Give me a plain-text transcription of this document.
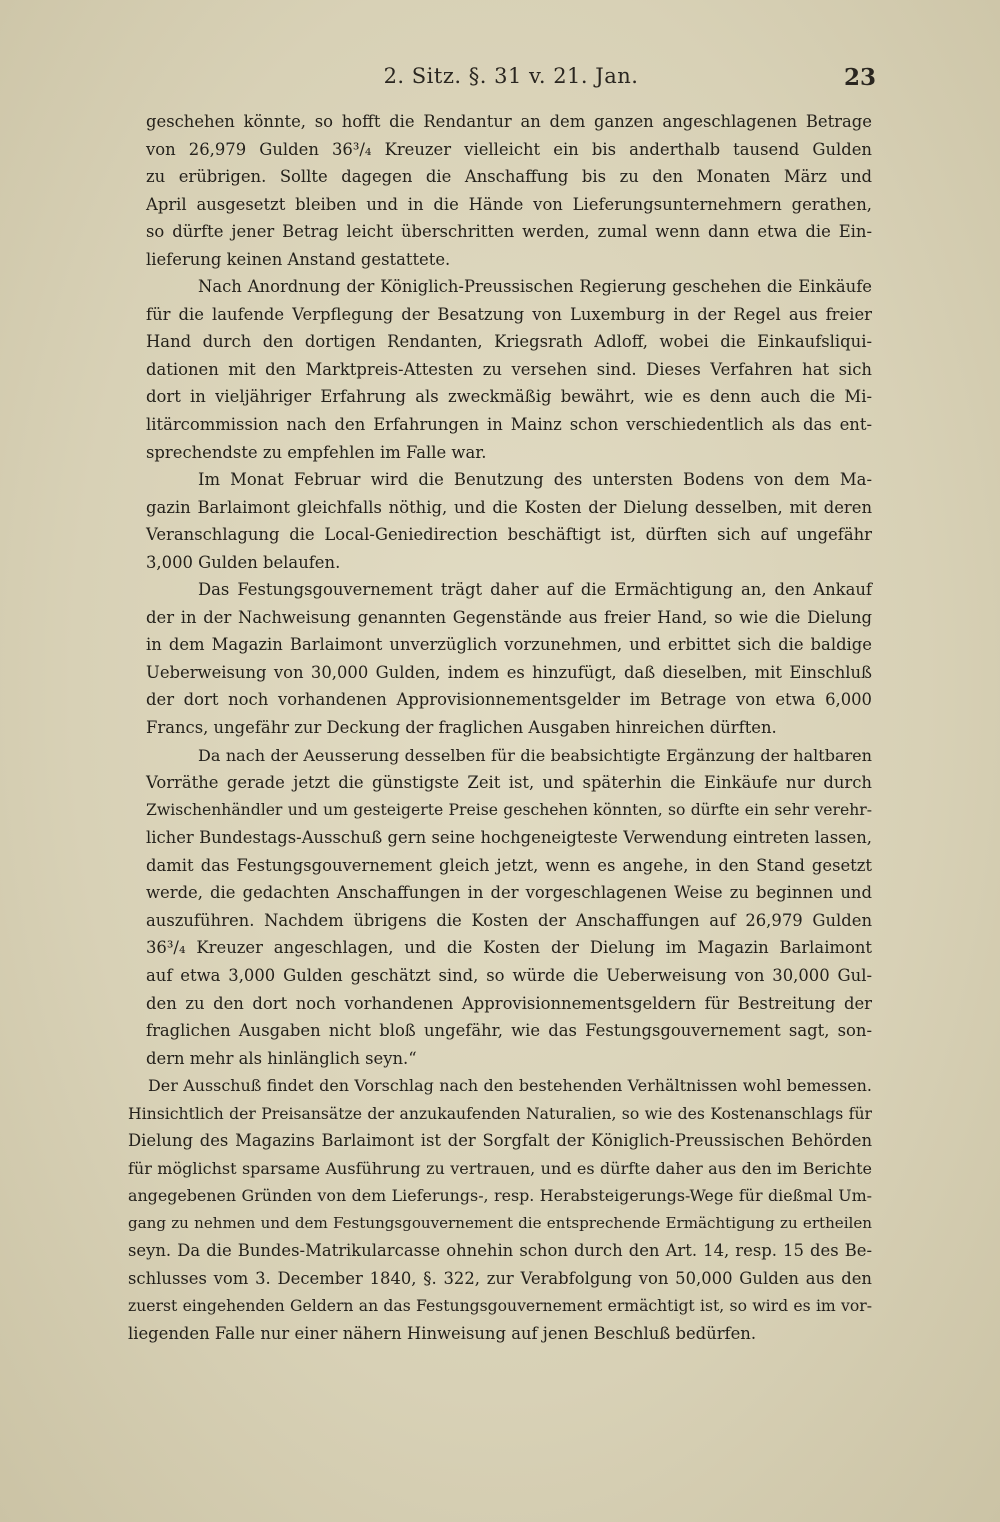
2. Sitz. §. 31 v. 21. Jan.	23
geschehen könnte, so hofft die Rendantur an dem ganzen angeschlagenen Betrage
von 26,979 Gulden 36³/₄ Kreuzer vielleicht ein bis anderthalb tausend Gulden
zu erübrigen. Sollte dagegen die Anschaffung bis zu den Monaten März und
April ausgesetzt bleiben und in die Hände von Lieferungsunternehmern gerathen,
so dürfte jener Betrag leicht überschritten werden, zumal wenn dann etwa die Ein-
lieferung keinen Anstand gestattete.
Nach Anordnung der Königlich-Preussischen Regierung geschehen die Einkäufe
für die laufende Verpflegung der Besatzung von Luxemburg in der Regel aus freier
Hand durch den dortigen Rendanten, Kriegsrath Adloff, wobei die Einkaufsliqui-
dationen mit den Marktpreis-Attesten zu versehen sind. Dieses Verfahren hat sich
dort in vieljähriger Erfahrung als zweckmäßig bewährt, wie es denn auch die Mi-
litärcommission nach den Erfahrungen in Mainz schon verschiedentlich als das ent-
sprechendste zu empfehlen im Falle war.
Im Monat Februar wird die Benutzung des untersten Bodens von dem Ma-
gazin Barlaimont gleichfalls nöthig, und die Kosten der Dielung desselben, mit deren
Veranschlagung die Local-Geniedirection beschäftigt ist, dürften sich auf ungefähr
3,000 Gulden belaufen.
Das Festungsgouvernement trägt daher auf die Ermächtigung an, den Ankauf
der in der Nachweisung genannten Gegenstände aus freier Hand, so wie die Dielung
in dem Magazin Barlaimont unverzüglich vorzunehmen, und erbittet sich die baldige
Ueberweisung von 30,000 Gulden, indem es hinzufügt, daß dieselben, mit Einschluß
der dort noch vorhandenen Approvisionnementsgelder im Betrage von etwa 6,000
Francs, ungefähr zur Deckung der fraglichen Ausgaben hinreichen dürften.
Da nach der Aeusserung desselben für die beabsichtigte Ergänzung der haltbaren
Vorräthe gerade jetzt die günstigste Zeit ist, und späterhin die Einkäufe nur durch
Zwischenhändler und um gesteigerte Preise geschehen könnten, so dürfte ein sehr verehr-
licher Bundestags-Ausschuß gern seine hochgeneigteste Verwendung eintreten lassen,
damit das Festungsgouvernement gleich jetzt, wenn es angehe, in den Stand gesetzt
werde, die gedachten Anschaffungen in der vorgeschlagenen Weise zu beginnen und
auszuführen. Nachdem übrigens die Kosten der Anschaffungen auf 26,979 Gulden
36³/₄ Kreuzer angeschlagen, und die Kosten der Dielung im Magazin Barlaimont
auf etwa 3,000 Gulden geschätzt sind, so würde die Ueberweisung von 30,000 Gul-
den zu den dort noch vorhandenen Approvisionnementsgeldern für Bestreitung der
fraglichen Ausgaben nicht bloß ungefähr, wie das Festungsgouvernement sagt, son-
dern mehr als hinlänglich seyn.“
Der Ausschuß findet den Vorschlag nach den bestehenden Verhältnissen wohl bemessen.
Hinsichtlich der Preisansätze der anzukaufenden Naturalien, so wie des Kostenanschlags für
Dielung des Magazins Barlaimont ist der Sorgfalt der Königlich-Preussischen Behörden
für möglichst sparsame Ausführung zu vertrauen, und es dürfte daher aus den im Berichte
angegebenen Gründen von dem Lieferungs-, resp. Herabsteigerungs-Wege für dießmal Um-
gang zu nehmen und dem Festungsgouvernement die entsprechende Ermächtigung zu ertheilen
seyn. Da die Bundes-Matrikularcasse ohnehin schon durch den Art. 14, resp. 15 des Be-
schlusses vom 3. December 1840, §. 322, zur Verabfolgung von 50,000 Gulden aus den
zuerst eingehenden Geldern an das Festungsgouvernement ermächtigt ist, so wird es im vor-
liegenden Falle nur einer nähern Hinweisung auf jenen Beschluß bedürfen.
